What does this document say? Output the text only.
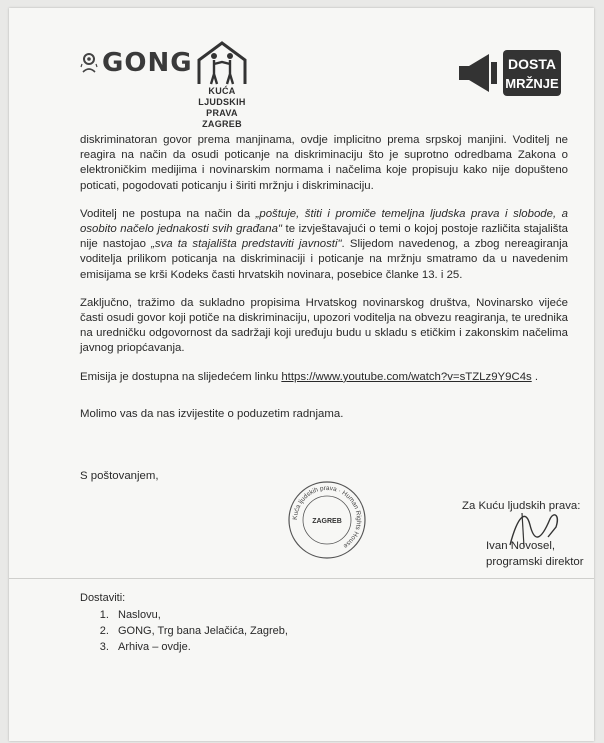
GONG
KUĆA
LJUDSKIH PRAVA
ZAGREB
DOSTA
MRŽNJE

diskriminatoran govor prema manjinama, ovdje implicitno prema srpskoj manjini. Voditelj ne reagira na način da osudi poticanje na diskriminaciju što je suprotno odredbama Zakona o elektroničkim medijima i novinarskim normama i načelima koje propisuju kako nije dopušteno poticati, pogodovati poticanju i širiti mržnju i diskriminaciju.

Voditelj ne postupa na način da „poštuje, štiti i promiče temeljna ljudska prava i slobode, a osobito načelo jednakosti svih građana" te izvještavajući o temi o kojoj postoje različita stajališta nije nastojao „sva ta stajališta predstaviti javnosti". Slijedom navedenog, a zbog nereagiranja voditelja prilikom poticanja na diskriminaciji i poticanje na mržnju smatramo da u navedenim emisijama se krši Kodeks časti hrvatskih novinara, posebice članke 13. i 25.

Zaključno, tražimo da sukladno propisima Hrvatskog novinarskog društva, Novinarsko vijeće časti osudi govor koji potiče na diskriminaciju, upozori voditelja na obvezu reagiranja, te urednika na uredničku odgovornost da sadržaji koji uređuju budu u skladu s etičkim i zakonskim načelima javnog priopćavanja.

Emisija je dostupna na slijedećem linku https://www.youtube.com/watch?v=sTZLz9Y9C4s .

Molimo vas da nas izvijestite o poduzetim radnjama.

S poštovanjem,
Kuća ljudskih prava · Human Rights House
ZAGREB
Za Kuću ljudskih prava:
Ivan Novosel,
programski direktor
Dostaviti:
1. Naslovu,
2. GONG, Trg bana Jelačića, Zagreb,
3. Arhiva – ovdje.
